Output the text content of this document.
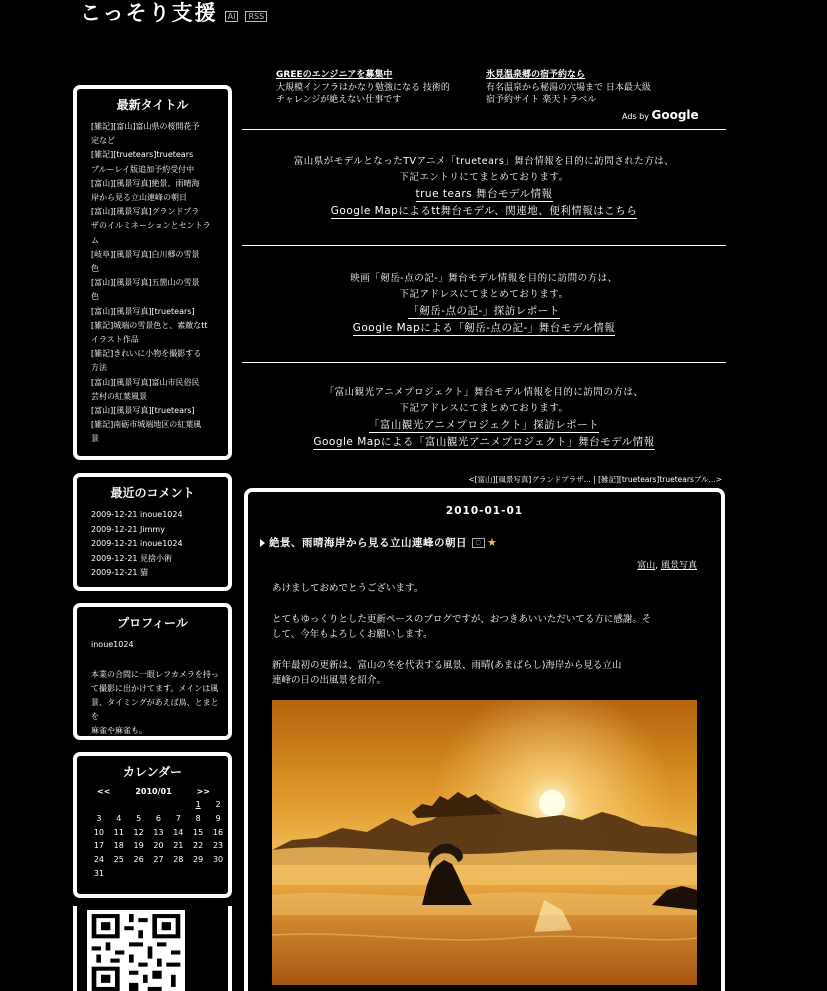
こっそり支援	AI	RSS
最新タイトル
[雑記][富山]富山県の桜開花予
定など
[雑記][truetears]truetears
ブルーレイ版追加予約受付中
[富山][風景写真]絶景、雨晴海
岸から見る立山連峰の朝日
[富山][風景写真]グランドプラ
ザのイルミネーションとセントラ
ム
[岐阜][風景写真]白川郷の雪景
色
[富山][風景写真]五箇山の雪景
色
[富山][風景写真][truetears]
[雑記]城端の雪景色と、素敵なtt
イラスト作品
[雑記]きれいに小物を撮影する
方法
[富山][風景写真]富山市民俗民
芸村の紅葉風景
[富山][風景写真][truetears]
[雑記]南砺市城端地区の紅葉風
景
最近のコメント
2009-12-21 inoue1024
2009-12-21 Jimmy
2009-12-21 inoue1024
2009-12-21 見捨小術
2009-12-21 猫
プロフィール
inoue1024
本業の合間に一眼レフカメラを持っ
て撮影に出かけてます。メインは風
景、タイミングがあえば鳥、とまとを
麻雀や麻雀も。
カレンダー
<<	2010/01	>>
					1	2
3	4	5	6	7	8	9
10	11	12	13	14	15	16
17	18	19	20	21	22	23
24	25	26	27	28	29	30
31						
GREEのエンジニアを募集中
大規模インフラはかなり勉強になる 技術的
チャレンジが絶えない仕事です
氷見温泉郷の宿予約なら
有名温泉から秘湯の穴場まで 日本最大級
宿予約サイト 楽天トラベル
Ads by Google
富山県がモデルとなったTVアニメ「truetears」舞台情報を目的に訪問された方は、
下記エントリにてまとめております。
true tears 舞台モデル情報
Google Mapによるtt舞台モデル、関連地、便利情報はこちら
映画「剱岳-点の記-」舞台モデル情報を目的に訪問の方は、
下記アドレスにてまとめております。
「剱岳-点の記-」探訪レポート
Google Mapによる「剱岳-点の記-」舞台モデル情報
「富山観光アニメプロジェクト」舞台モデル情報を目的に訪問の方は、
下記アドレスにてまとめております。
「富山観光アニメプロジェクト」探訪レポート
Google Mapによる「富山観光アニメプロジェクト」舞台モデル情報
<[富山][風景写真]グランドプラザ... | [雑記][truetears]truetearsブル...>
2010-01-01
絶景、雨晴海岸から見る立山連峰の朝日	▢ ★
富山, 風景写真
あけましておめでとうございます。
とてもゆっくりとした更新ペースのブログですが、おつきあいいただいてる方に感謝。そ
して、今年もよろしくお願いします。
新年最初の更新は、富山の冬を代表する風景、雨晴(あまばらし)海岸から見る立山
連峰の日の出風景を紹介。
